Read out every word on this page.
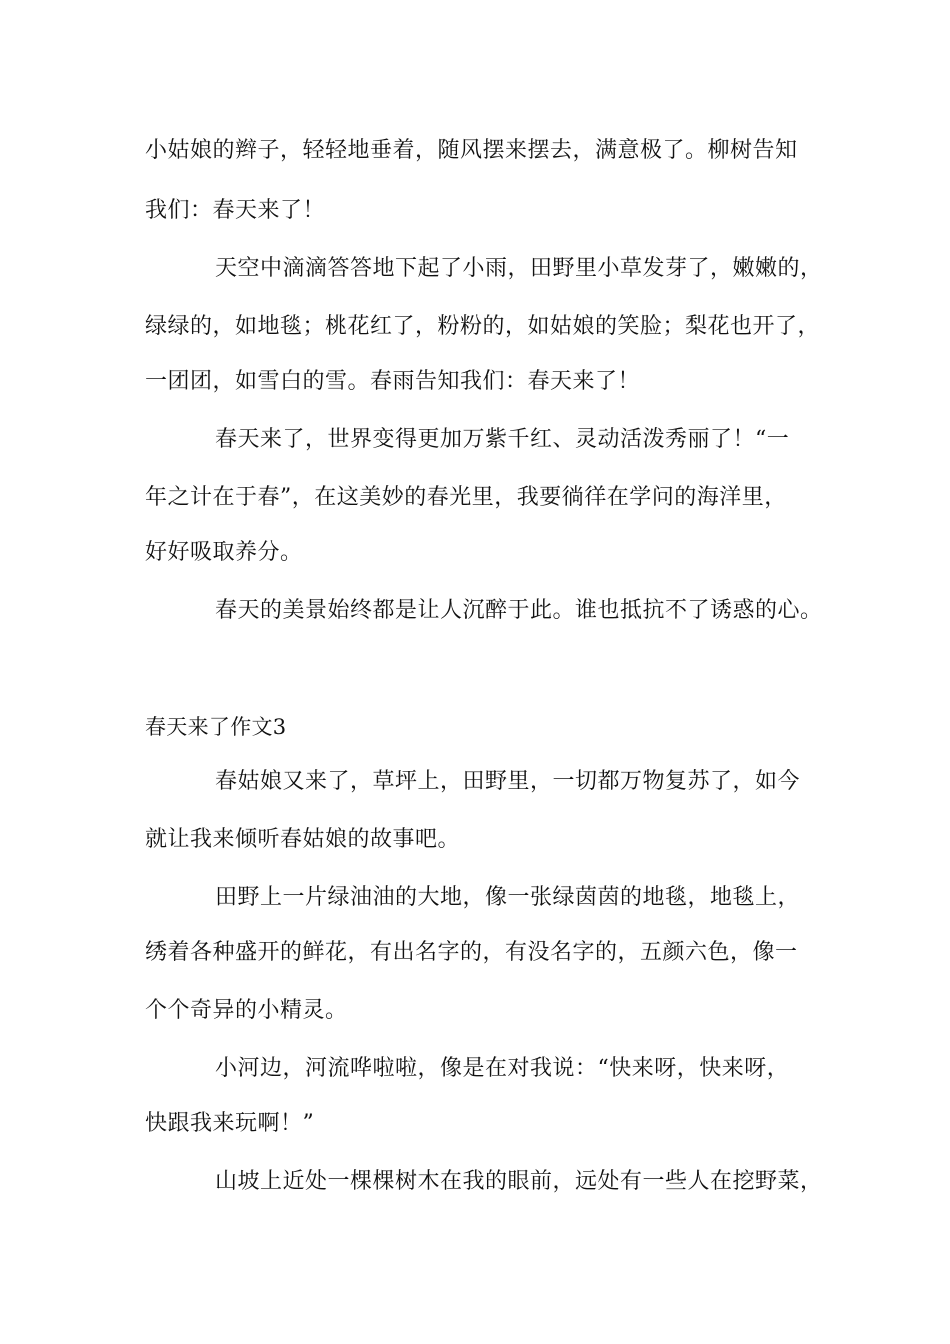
小姑娘的辫子，轻轻地垂着，随风摆来摆去，满意极了。柳树告知
我们：春天来了！
天空中滴滴答答地下起了小雨，田野里小草发芽了，嫩嫩的，
绿绿的，如地毯；桃花红了，粉粉的，如姑娘的笑脸；梨花也开了，
一团团，如雪白的雪。春雨告知我们：春天来了！
春天来了，世界变得更加万紫千红、灵动活泼秀丽了！“一
年之计在于春”，在这美妙的春光里，我要徜徉在学问的海洋里，
好好吸取养分。
春天的美景始终都是让人沉醉于此。谁也抵抗不了诱惑的心。
春天来了作文3
春姑娘又来了，草坪上，田野里，一切都万物复苏了，如今
就让我来倾听春姑娘的故事吧。
田野上一片绿油油的大地，像一张绿茵茵的地毯，地毯上，
绣着各种盛开的鲜花，有出名字的，有没名字的，五颜六色，像一
个个奇异的小精灵。
小河边，河流哗啦啦，像是在对我说：“快来呀，快来呀，
快跟我来玩啊！”
山坡上近处一棵棵树木在我的眼前，远处有一些人在挖野菜，
